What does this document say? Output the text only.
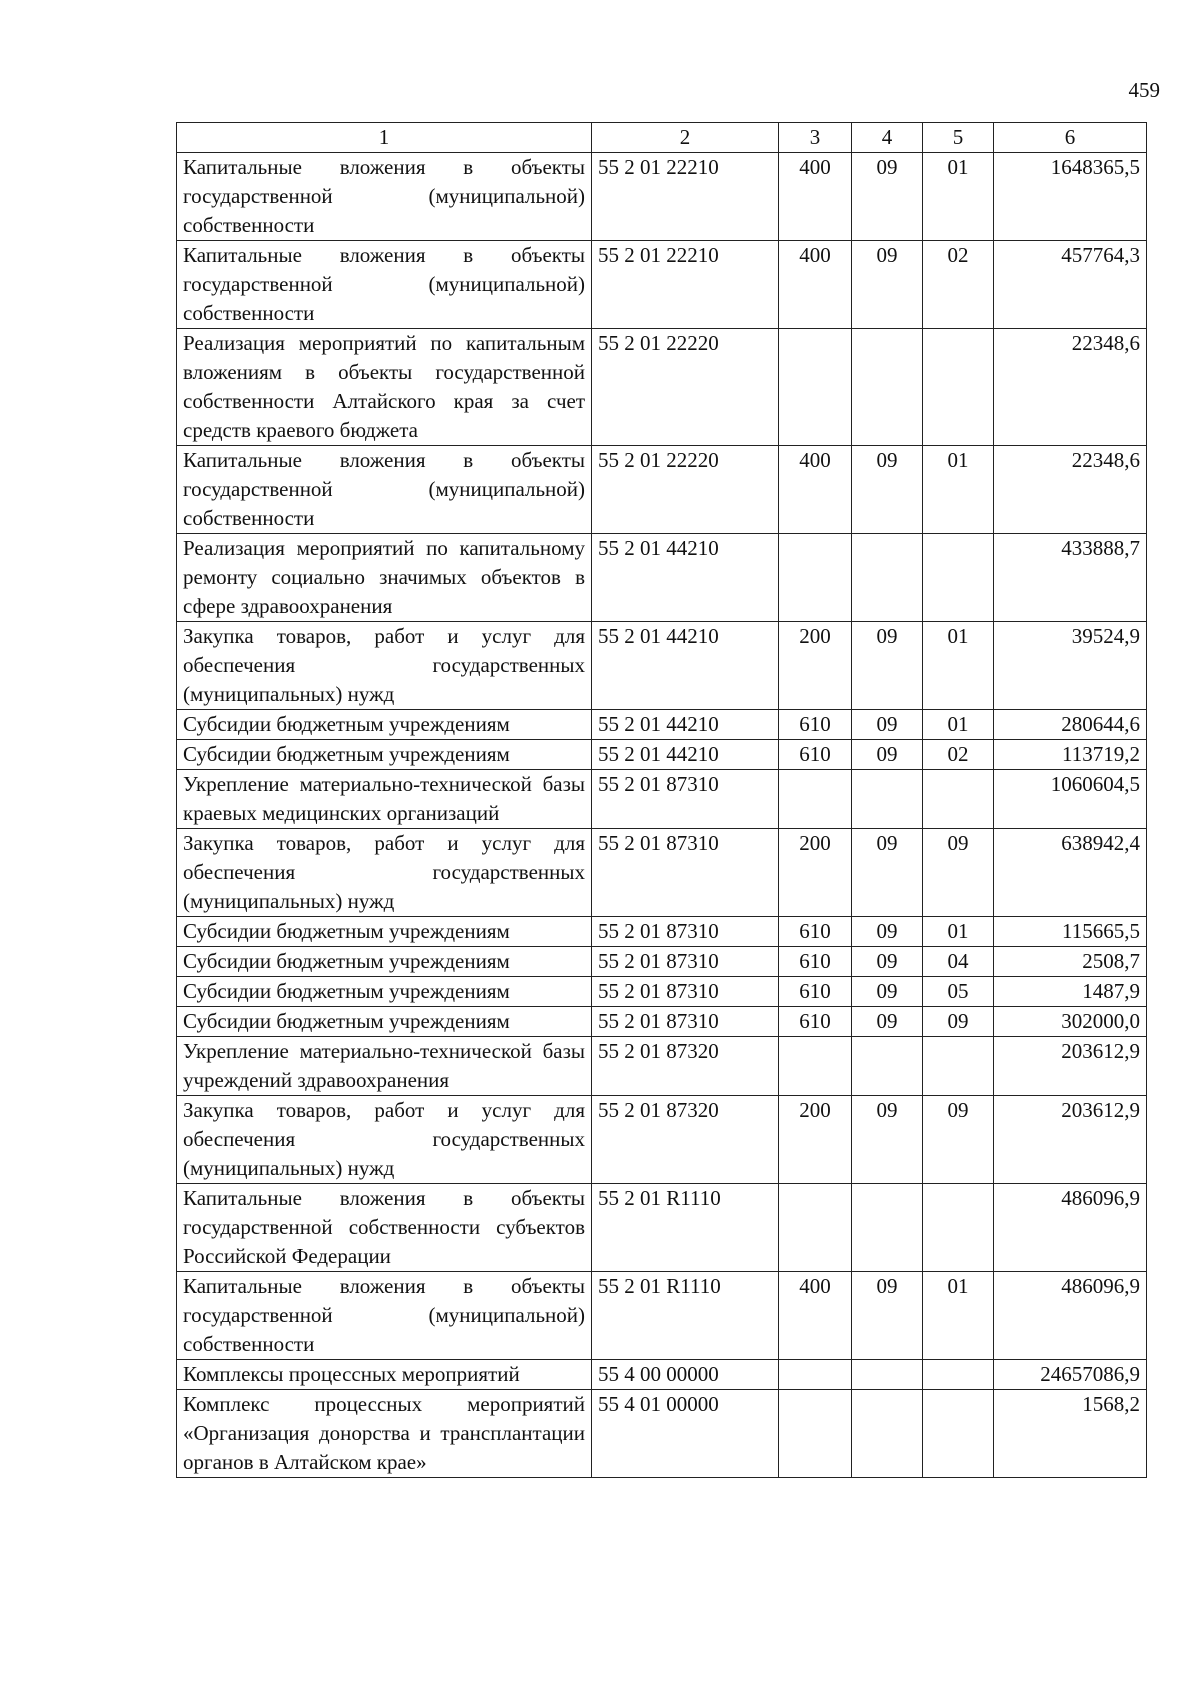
459
1	2	3	4	5	6
Капитальные вложения в объекты государственной (муниципальной) собственности	55 2 01 22210	400	09	01	1648365,5
Капитальные вложения в объекты государственной (муниципальной) собственности	55 2 01 22210	400	09	02	457764,3
Реализация мероприятий по капитальным вложениям в объекты государственной собственности Алтайского края за счет средств краевого бюджета	55 2 01 22220				22348,6
Капитальные вложения в объекты государственной (муниципальной) собственности	55 2 01 22220	400	09	01	22348,6
Реализация мероприятий по капитальному ремонту социально значимых объектов в сфере здравоохранения	55 2 01 44210				433888,7
Закупка товаров, работ и услуг для обеспечения государственных (муниципальных) нужд	55 2 01 44210	200	09	01	39524,9
Субсидии бюджетным учреждениям	55 2 01 44210	610	09	01	280644,6
Субсидии бюджетным учреждениям	55 2 01 44210	610	09	02	113719,2
Укрепление материально-технической базы краевых медицинских организаций	55 2 01 87310				1060604,5
Закупка товаров, работ и услуг для обеспечения государственных (муниципальных) нужд	55 2 01 87310	200	09	09	638942,4
Субсидии бюджетным учреждениям	55 2 01 87310	610	09	01	115665,5
Субсидии бюджетным учреждениям	55 2 01 87310	610	09	04	2508,7
Субсидии бюджетным учреждениям	55 2 01 87310	610	09	05	1487,9
Субсидии бюджетным учреждениям	55 2 01 87310	610	09	09	302000,0
Укрепление материально-технической базы учреждений здравоохранения	55 2 01 87320				203612,9
Закупка товаров, работ и услуг для обеспечения государственных (муниципальных) нужд	55 2 01 87320	200	09	09	203612,9
Капитальные вложения в объекты государственной собственности субъектов Российской Федерации	55 2 01 R1110				486096,9
Капитальные вложения в объекты государственной (муниципальной) собственности	55 2 01 R1110	400	09	01	486096,9
Комплексы процессных мероприятий	55 4 00 00000				24657086,9
Комплекс процессных мероприятий «Организация донорства и трансплантации органов в Алтайском крае»	55 4 01 00000				1568,2
